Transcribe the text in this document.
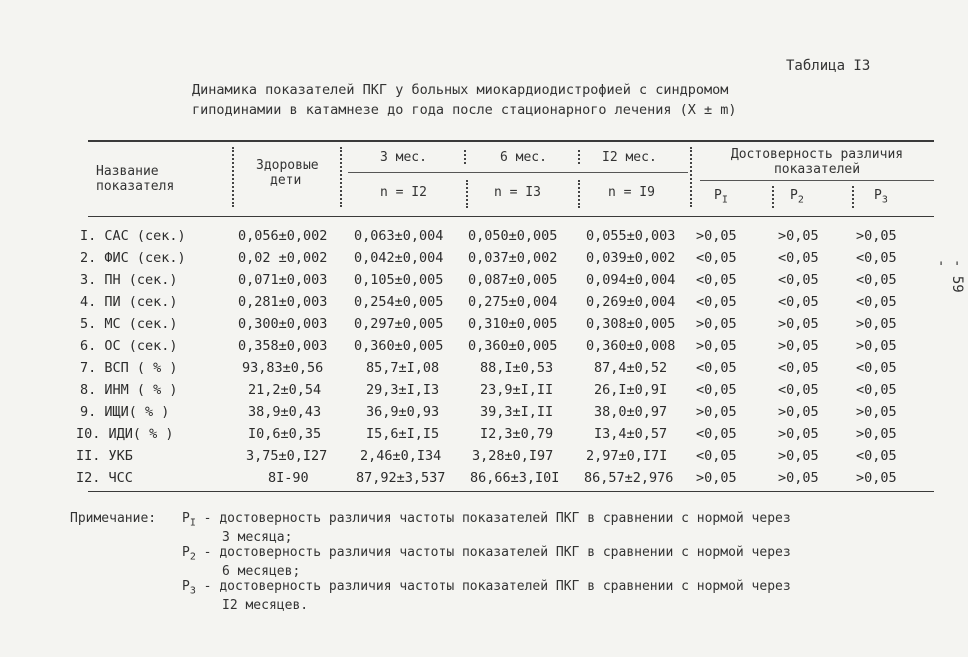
Таблица I3
Динамика показателей ПКГ у больных миокардиодистрофией с синдромом
гиподинамии в катамнезе до года после стационарного лечения (X ± m)
Название
показателя
Здоровые
дети
3 мес.	6 мес.	I2 мес.
n = I2	n = I3	n = I9
Достоверность различия
показателей
$P_I$	$P_2$	$P_3$
I. САС (сек.)	0,056±0,002 0,063±0,004 0,050±0,005 0,055±0,003 >0,05	>0,05	>0,05
2. ФИС (сек.)	0,02 ±0,002 0,042±0,004 0,037±0,002 0,039±0,002 <0,05	<0,05	<0,05
3. ПН (сек.)	0,071±0,003 0,105±0,005 0,087±0,005 0,094±0,004 <0,05	<0,05	<0,05
4. ПИ (сек.)	0,281±0,003 0,254±0,005 0,275±0,004 0,269±0,004 <0,05	<0,05	<0,05
5. МС (сек.)	0,300±0,003 0,297±0,005 0,310±0,005 0,308±0,005 >0,05	>0,05	>0,05
6. ОС (сек.)	0,358±0,003 0,360±0,005 0,360±0,005 0,360±0,008 >0,05	>0,05	>0,05
7. ВСП ( % )	93,83±0,56	85,7±I,08	88,I±0,53	87,4±0,52 <0,05	<0,05	<0,05
8. ИНМ ( % )	21,2±0,54	29,3±I,I3	23,9±I,II	26,I±0,9I <0,05	<0,05	<0,05
9. ИЩИ( % )	38,9±0,43	36,9±0,93	39,3±I,II	38,0±0,97 >0,05	>0,05	>0,05
I0. ИДИ( % )	I0,6±0,35	I5,6±I,I5	I2,3±0,79	I3,4±0,57 <0,05	>0,05	>0,05
II. УКБ	3,75±0,I27 2,46±0,I34 3,28±0,I97 2,97±0,I7I <0,05	>0,05	<0,05
I2. ЧСС	8I-90	87,92±3,537 86,66±3,I0I 86,57±2,976 >0,05	>0,05	>0,05
- 59 -
Примечание: $P_I$ - достоверность различия частоты показателей ПКГ в сравнении с нормой через
3 месяца;
$P_2$ - достоверность различия частоты показателей ПКГ в сравнении с нормой через
6 месяцев;
$P_3$ - достоверность различия частоты показателей ПКГ в сравнении с нормой через
I2 месяцев.
